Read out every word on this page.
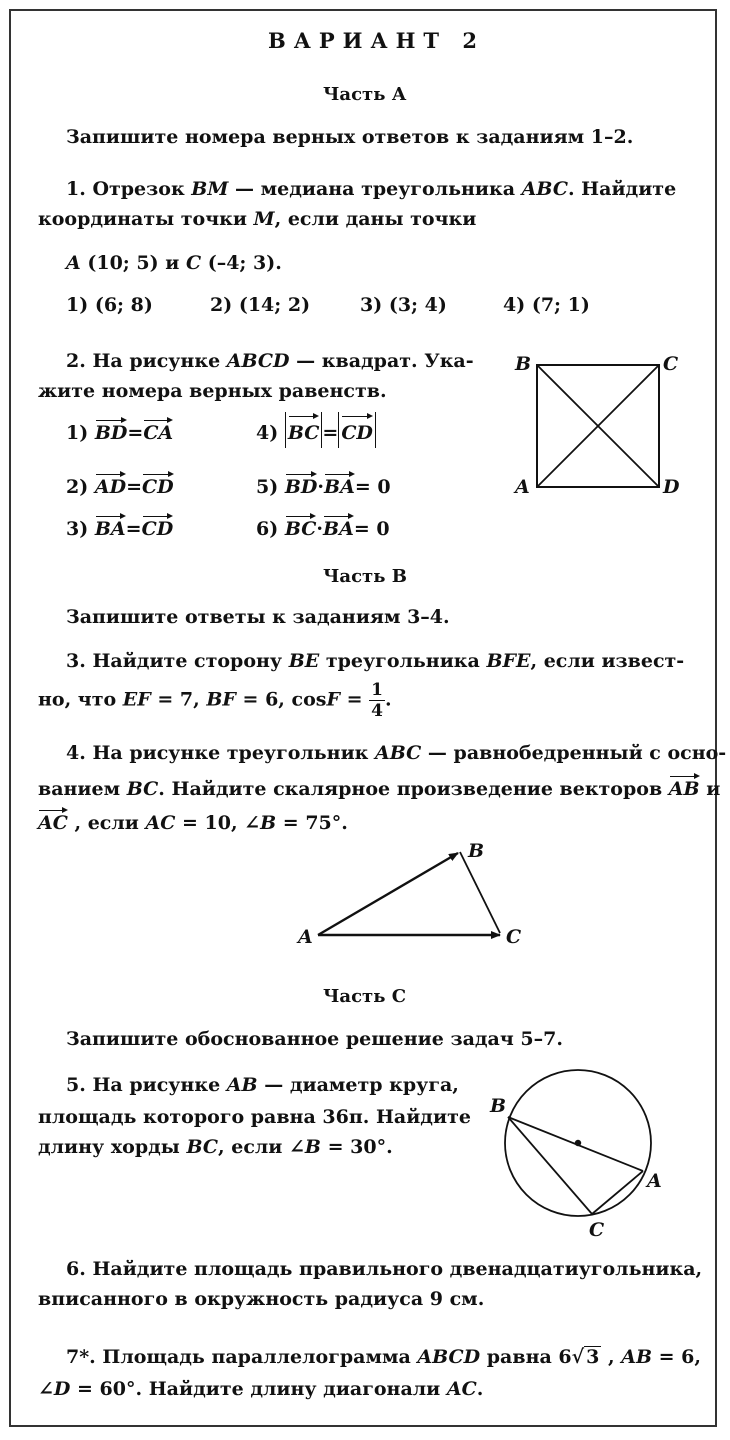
ВАРИАНТ 2
Часть А
Запишите номера верных ответов к заданиям 1–2.
1. Отрезок BM — медиана треугольника ABC. Найдите
координаты точки M, если даны точки
A (10; 5) и C (–4; 3).
1) (6; 8)	2) (14; 2)	3) (3; 4)	4) (7; 1)
2. На рисунке ABCD — квадрат. Ука-
жите номера верных равенств.
1) BD=CA
2) AD=CD
3) BA=CD
4) BC = CD
5) BD·BA= 0
6) BC·BA= 0
B	C
A	D
Часть B
Запишите ответы к заданиям 3–4.
3. Найдите сторону BE треугольника BFE, если извест-
но, что EF = 7, BF = 6, $\cos F = \frac{1}{4}$ .
4. На рисунке треугольник ABC — равнобедренный с осно-
ванием BC. Найдите скалярное произведение векторов AB и
AC , если AC = 10, ∠B = 75°.
A
B
C
Часть C
Запишите обоснованное решение задач 5–7.
5. На рисунке AB — диаметр круга,
площадь которого равна 36π. Найдите
длину хорды BC, если ∠B = 30°.
B
A
C
6. Найдите площадь правильного двенадцатиугольника,
вписанного в окружность радиуса 9 см.
7*. Площадь параллелограмма ABCD равна 6√ 3 , AB = 6,
∠D = 60°. Найдите длину диагонали AC.
